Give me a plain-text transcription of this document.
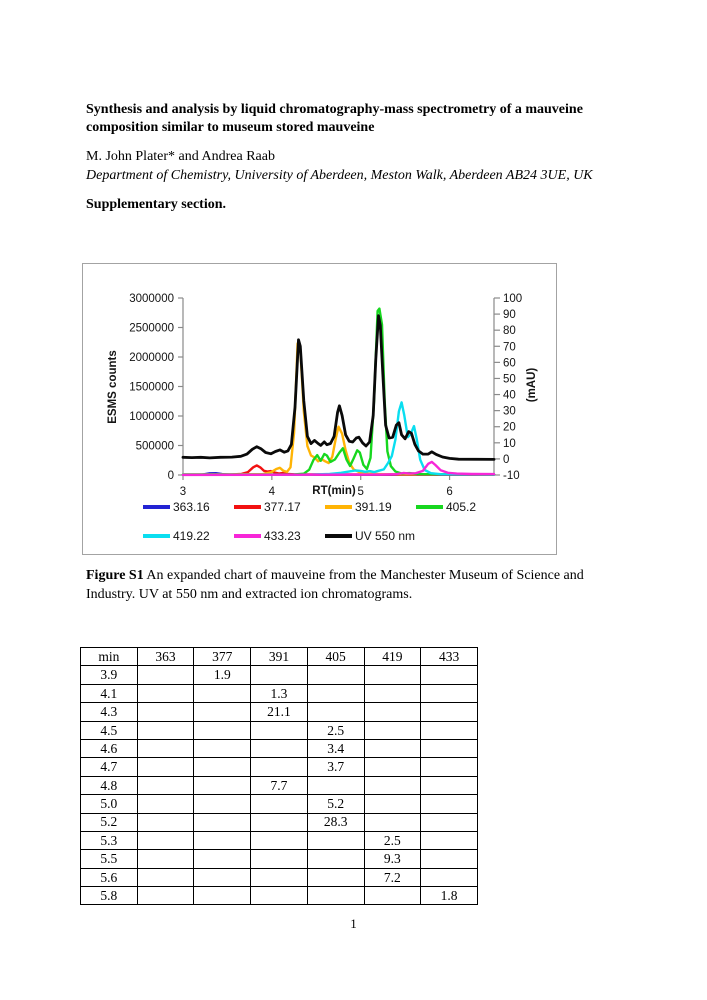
Synthesis and analysis by liquid chromatography-mass spectrometry of a mauveine composition similar to museum stored mauveine
M. John Plater* and Andrea Raab
Department of Chemistry, University of Aberdeen, Meston Walk, Aberdeen AB24 3UE, UK
Supplementary section.
0
500000
1000000
1500000
2000000
2500000
3000000
-10
0
10
20
30
40
50
60
70
80
90
100
3	4	5	6
ESMS counts	(mAU)
RT(min)
363.16	377.17	391.19	405.2
419.22	433.23	UV 550 nm
Figure S1 An expanded chart of mauveine from the Manchester Museum of Science and Industry. UV at 550 nm and extracted ion chromatograms.
min	363	377	391	405	419	433
3.9		1.9				
4.1			1.3			
4.3			21.1			
4.5				2.5		
4.6				3.4		
4.7				3.7		
4.8			7.7			
5.0				5.2		
5.2				28.3		
5.3					2.5	
5.5					9.3	
5.6					7.2	
5.8						1.8
1
